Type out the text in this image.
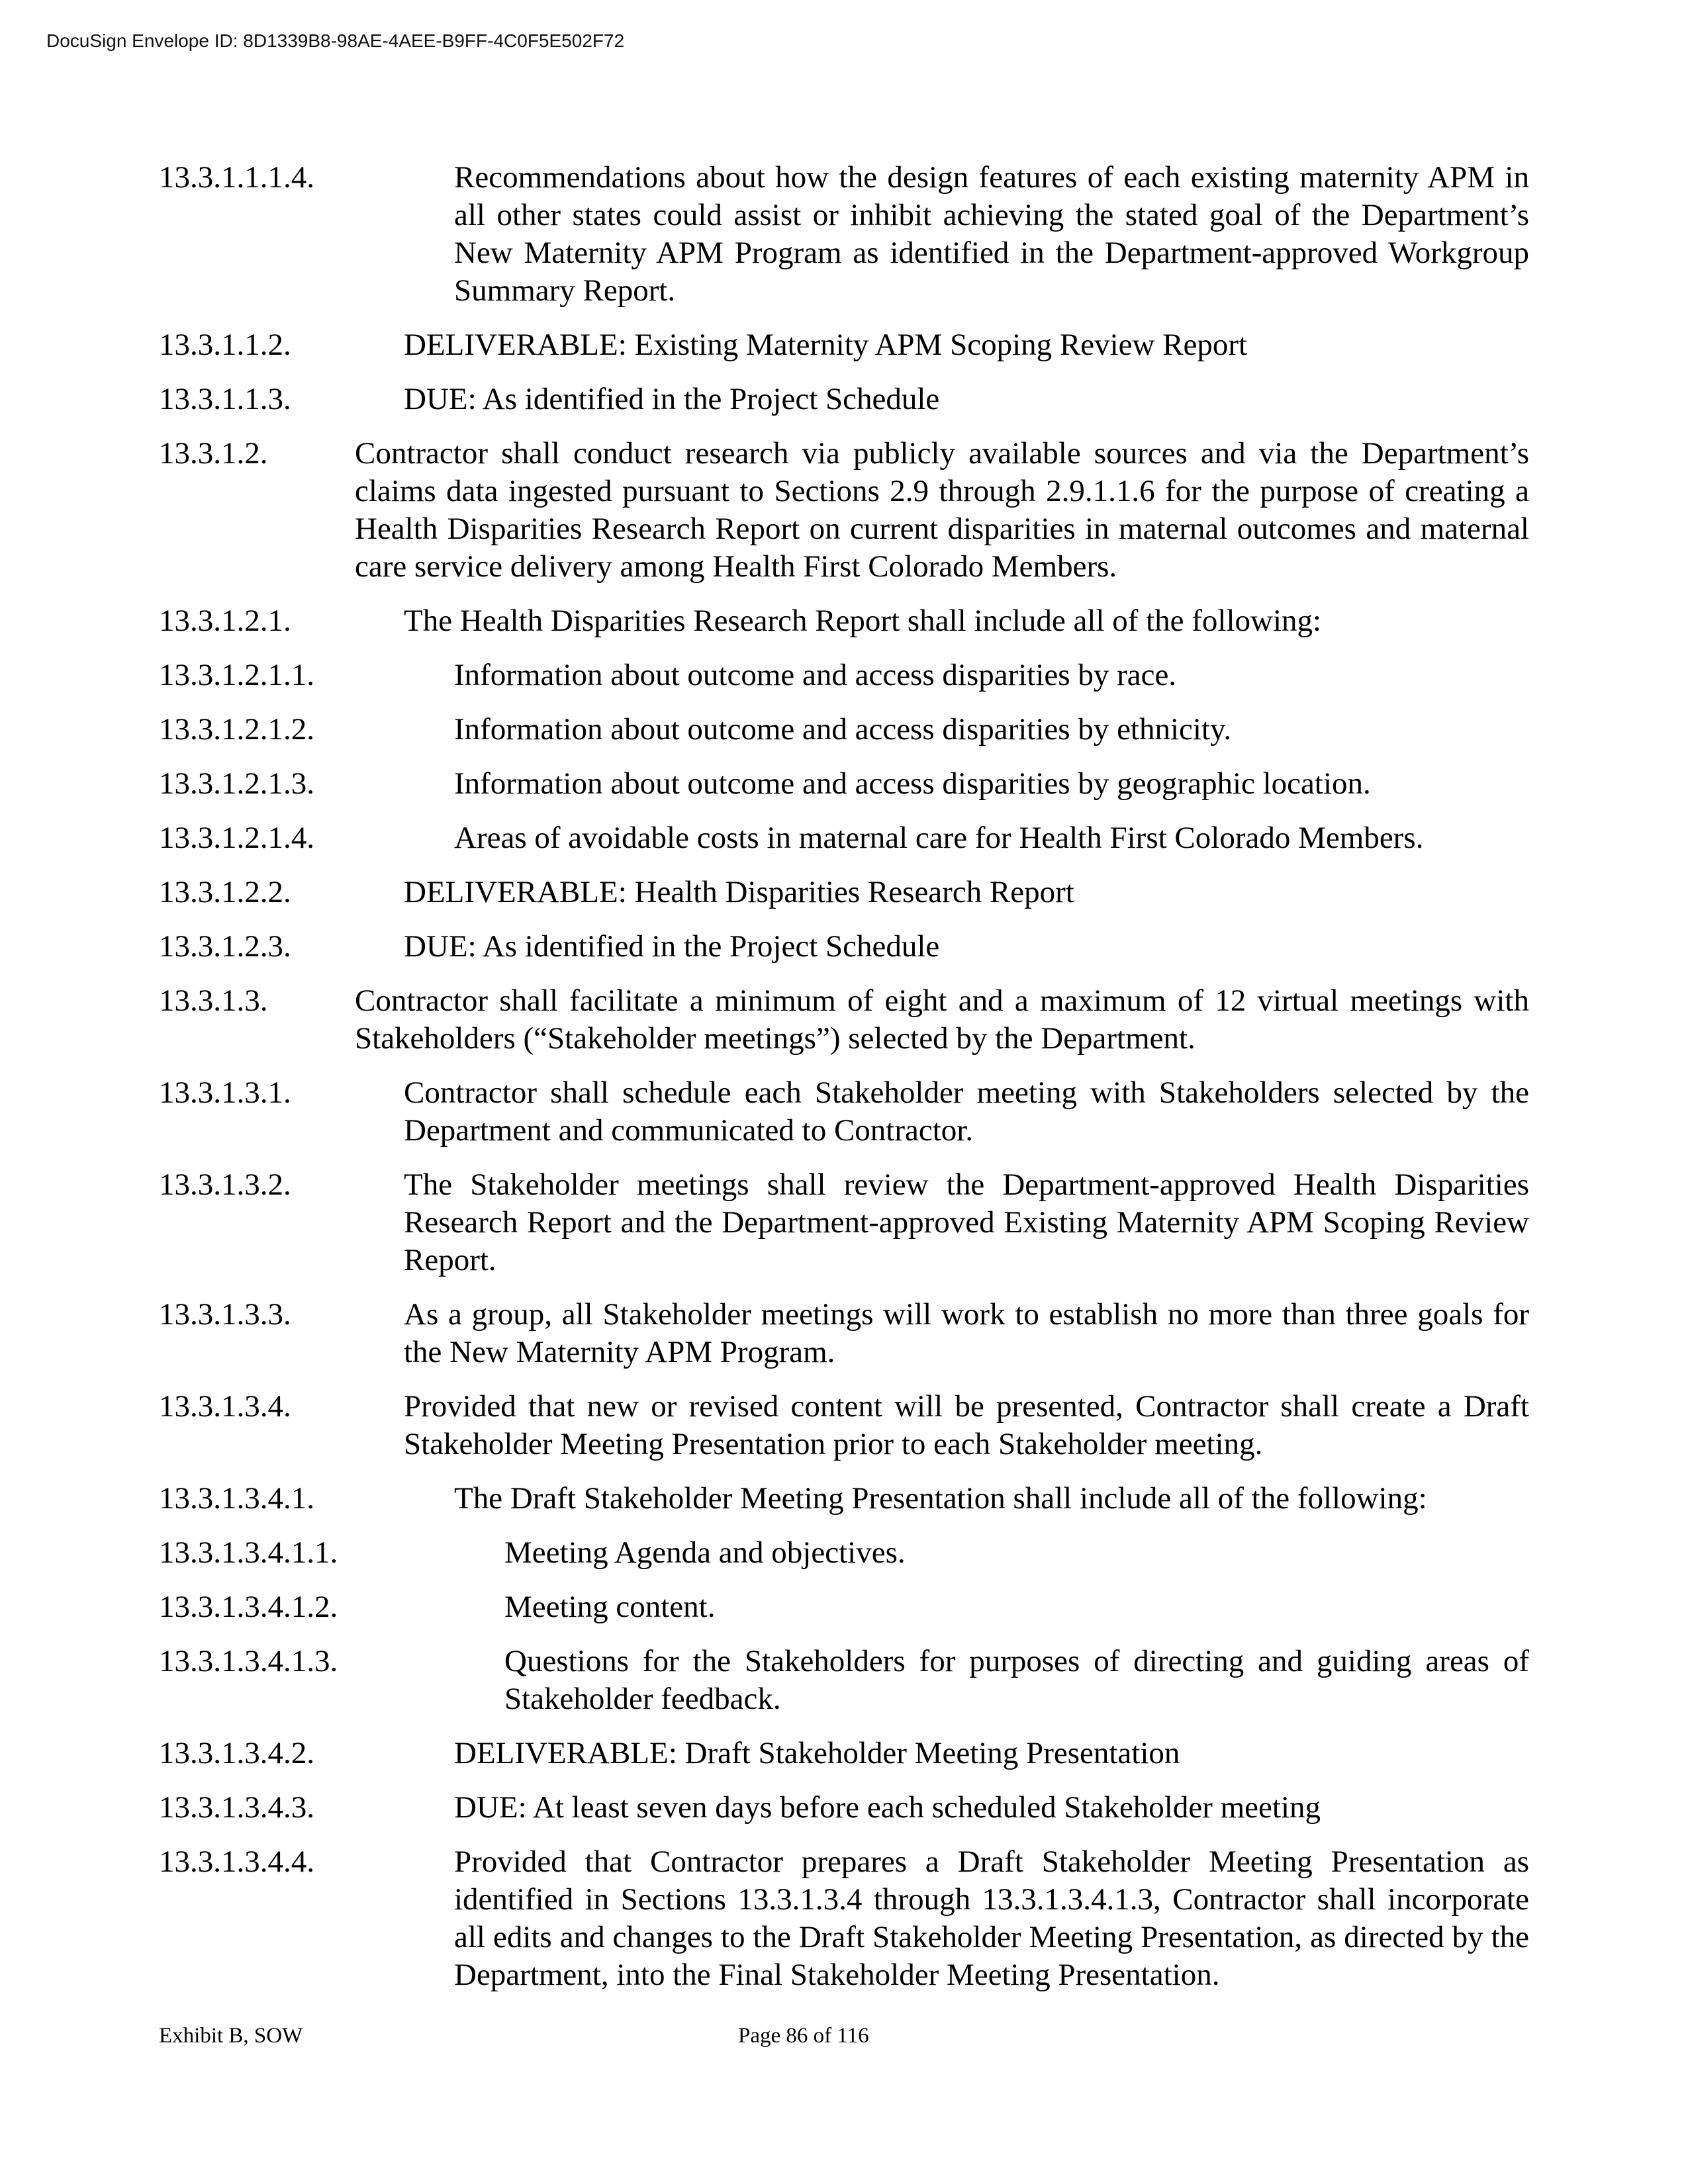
DocuSign Envelope ID: 8D1339B8-98AE-4AEE-B9FF-4C0F5E502F72
13.3.1.1.1.4.	Recommendations about how the design features of each existing maternity APM in all other states could assist or inhibit achieving the stated goal of the Department’s New Maternity APM Program as identified in the Department-approved Workgroup Summary Report.
13.3.1.1.2.	DELIVERABLE: Existing Maternity APM Scoping Review Report
13.3.1.1.3.	DUE: As identified in the Project Schedule
13.3.1.2.	Contractor shall conduct research via publicly available sources and via the Department’s claims data ingested pursuant to Sections 2.9 through 2.9.1.1.6 for the purpose of creating a Health Disparities Research Report on current disparities in maternal outcomes and maternal care service delivery among Health First Colorado Members.
13.3.1.2.1.	The Health Disparities Research Report shall include all of the following:
13.3.1.2.1.1.	Information about outcome and access disparities by race.
13.3.1.2.1.2.	Information about outcome and access disparities by ethnicity.
13.3.1.2.1.3.	Information about outcome and access disparities by geographic location.
13.3.1.2.1.4.	Areas of avoidable costs in maternal care for Health First Colorado Members.
13.3.1.2.2.	DELIVERABLE: Health Disparities Research Report
13.3.1.2.3.	DUE: As identified in the Project Schedule
13.3.1.3.	Contractor shall facilitate a minimum of eight and a maximum of 12 virtual meetings with Stakeholders (“Stakeholder meetings”) selected by the Department.
13.3.1.3.1.	Contractor shall schedule each Stakeholder meeting with Stakeholders selected by the Department and communicated to Contractor.
13.3.1.3.2.	The Stakeholder meetings shall review the Department-approved Health Disparities Research Report and the Department-approved Existing Maternity APM Scoping Review Report.
13.3.1.3.3.	As a group, all Stakeholder meetings will work to establish no more than three goals for the New Maternity APM Program.
13.3.1.3.4.	Provided that new or revised content will be presented, Contractor shall create a Draft Stakeholder Meeting Presentation prior to each Stakeholder meeting.
13.3.1.3.4.1.	The Draft Stakeholder Meeting Presentation shall include all of the following:
13.3.1.3.4.1.1.	Meeting Agenda and objectives.
13.3.1.3.4.1.2.	Meeting content.
13.3.1.3.4.1.3.	Questions for the Stakeholders for purposes of directing and guiding areas of Stakeholder feedback.
13.3.1.3.4.2.	DELIVERABLE: Draft Stakeholder Meeting Presentation
13.3.1.3.4.3.	DUE: At least seven days before each scheduled Stakeholder meeting
13.3.1.3.4.4.	Provided that Contractor prepares a Draft Stakeholder Meeting Presentation as identified in Sections 13.3.1.3.4 through 13.3.1.3.4.1.3, Contractor shall incorporate all edits and changes to the Draft Stakeholder Meeting Presentation, as directed by the Department, into the Final Stakeholder Meeting Presentation.
Exhibit B, SOW	Page 86 of 116
